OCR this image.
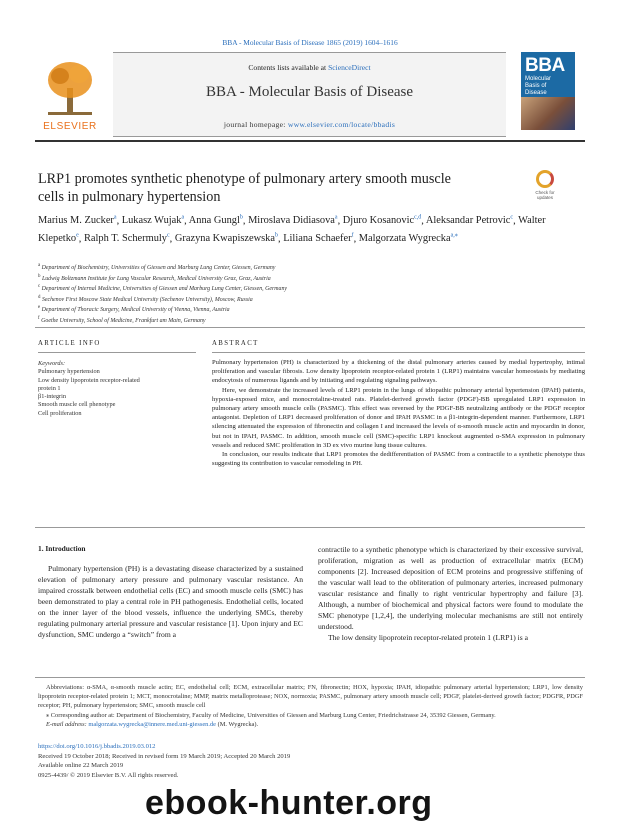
BBA - Molecular Basis of Disease 1865 (2019) 1604–1616
ELSEVIER
Contents lists available at ScienceDirect
BBA - Molecular Basis of Disease
journal homepage: www.elsevier.com/locate/bbadis
BBA
Molecular
Basis of
Disease
LRP1 promotes synthetic phenotype of pulmonary artery smooth muscle cells in pulmonary hypertension	Check for
updates
Marius M. Zucker$^a$, Lukasz Wujak$^a$, Anna Gungl$^b$, Miroslava Didiasova$^a$, Djuro Kosanovic$^{c,d}$, Aleksandar Petrovic$^c$, Walter Klepetko$^e$, Ralph T. Schermuly$^c$, Grazyna Kwapiszewska$^b$, Liliana Schaefer$^f$, Malgorzata Wygrecka$^{a,⁎}$
$^a$ Department of Biochemistry, Universities of Giessen and Marburg Lung Center, Giessen, Germany
$^b$ Ludwig Boltzmann Institute for Lung Vascular Research, Medical University Graz, Graz, Austria
$^c$ Department of Internal Medicine, Universities of Giessen and Marburg Lung Center, Giessen, Germany
$^d$ Sechenov First Moscow State Medical University (Sechenov University), Moscow, Russia
$^e$ Department of Thoracic Surgery, Medical University of Vienna, Vienna, Austria
$^f$ Goethe University, School of Medicine, Frankfurt am Main, Germany
ARTICLE INFO	ABSTRACT
Keywords:
Pulmonary hypertension
Low density lipoprotein receptor-related
protein 1
β1-integrin
Smooth muscle cell phenotype
Cell proliferation

Pulmonary hypertension (PH) is characterized by a thickening of the distal pulmonary arteries caused by medial hypertrophy, intimal proliferation and vascular fibrosis. Low density lipoprotein receptor-related protein 1 (LRP1) maintains vascular homeostasis by mediating endocytosis of numerous ligands and by initiating and regulating signaling pathways.

Here, we demonstrate the increased levels of LRP1 protein in the lungs of idiopathic pulmonary arterial hypertension (IPAH) patients, hypoxia-exposed mice, and monocrotaline-treated rats. Platelet-derived growth factor (PDGF)-BB upregulated LRP1 expression in pulmonary artery smooth muscle cells (PASMC). This effect was reversed by the PDGF-BB neutralizing antibody or the PDGF receptor antagonist. Depletion of LRP1 decreased proliferation of donor and IPAH PASMC in a β1-integrin-dependent manner. Furthermore, LRP1 silencing attenuated the expression of fibronectin and collagen I and increased the levels of α-smooth muscle actin and myocardin in donor, but not in IPAH, PASMC. In addition, smooth muscle cell (SMC)-specific LRP1 knockout augmented α-SMA expression in pulmonary vessels and reduced SMC proliferation in 3D ex vivo murine lung tissue cultures.

In conclusion, our results indicate that LRP1 promotes the dedifferentiation of PASMC from a contractile to a synthetic phenotype thus suggesting its contribution to vascular remodeling in PH.

1. Introduction

Pulmonary hypertension (PH) is a devastating disease characterized by a sustained elevation of pulmonary artery pressure and pulmonary vascular resistance. An impaired crosstalk between endothelial cells (EC) and smooth muscle cells (SMC) has been demonstrated to play a central role in PH pathogenesis. Endothelial cells, located on the inner layer of the blood vessels, influence the underlying SMCs, thereby regulating pulmonary arterial pressure and vascular resistance [1]. Upon injury and EC dysfunction, SMC undergo a “switch” from a

contractile to a synthetic phenotype which is characterized by their excessive survival, proliferation, migration as well as production of extracellular matrix (ECM) components [2]. Increased deposition of ECM proteins and progressive stiffening of the vascular wall lead to the obliteration of pulmonary arteries, increased pulmonary vascular resistance and finally to right ventricular hypertrophy and failure [3]. Although, a number of biochemical and physical factors were found to modulate the SMC phenotype [1,2,4], the underlying molecular mechanisms are still not entirely understood.

The low density lipoprotein receptor-related protein 1 (LRP1) is a

Abbreviations: α-SMA, α-smooth muscle actin; EC, endothelial cell; ECM, extracellular matrix; FN, fibronectin; HOX, hypoxia; IPAH, idiopathic pulmonary arterial hypertension; LRP1, low density lipoprotein receptor-related protein 1; MCT, monocrotaline; MMP, matrix metalloprotease; NOX, normoxia; PASMC, pulmonary artery smooth muscle cell; PDGF, platelet-derived growth factor; PDGFR, PDGF receptor; PH, pulmonary hypertension; SMC, smooth muscle cell

⁎ Corresponding author at: Department of Biochemistry, Faculty of Medicine, Universities of Giessen and Marburg Lung Center, Friedrichstrasse 24, 35392 Giessen, Germany.

E-mail address: malgorzata.wygrecka@innere.med.uni-giessen.de (M. Wygrecka).

https://doi.org/10.1016/j.bbadis.2019.03.012
Received 19 October 2018; Received in revised form 19 March 2019; Accepted 20 March 2019
Available online 22 March 2019
0925-4439/ © 2019 Elsevier B.V. All rights reserved.
ebook-hunter.org
